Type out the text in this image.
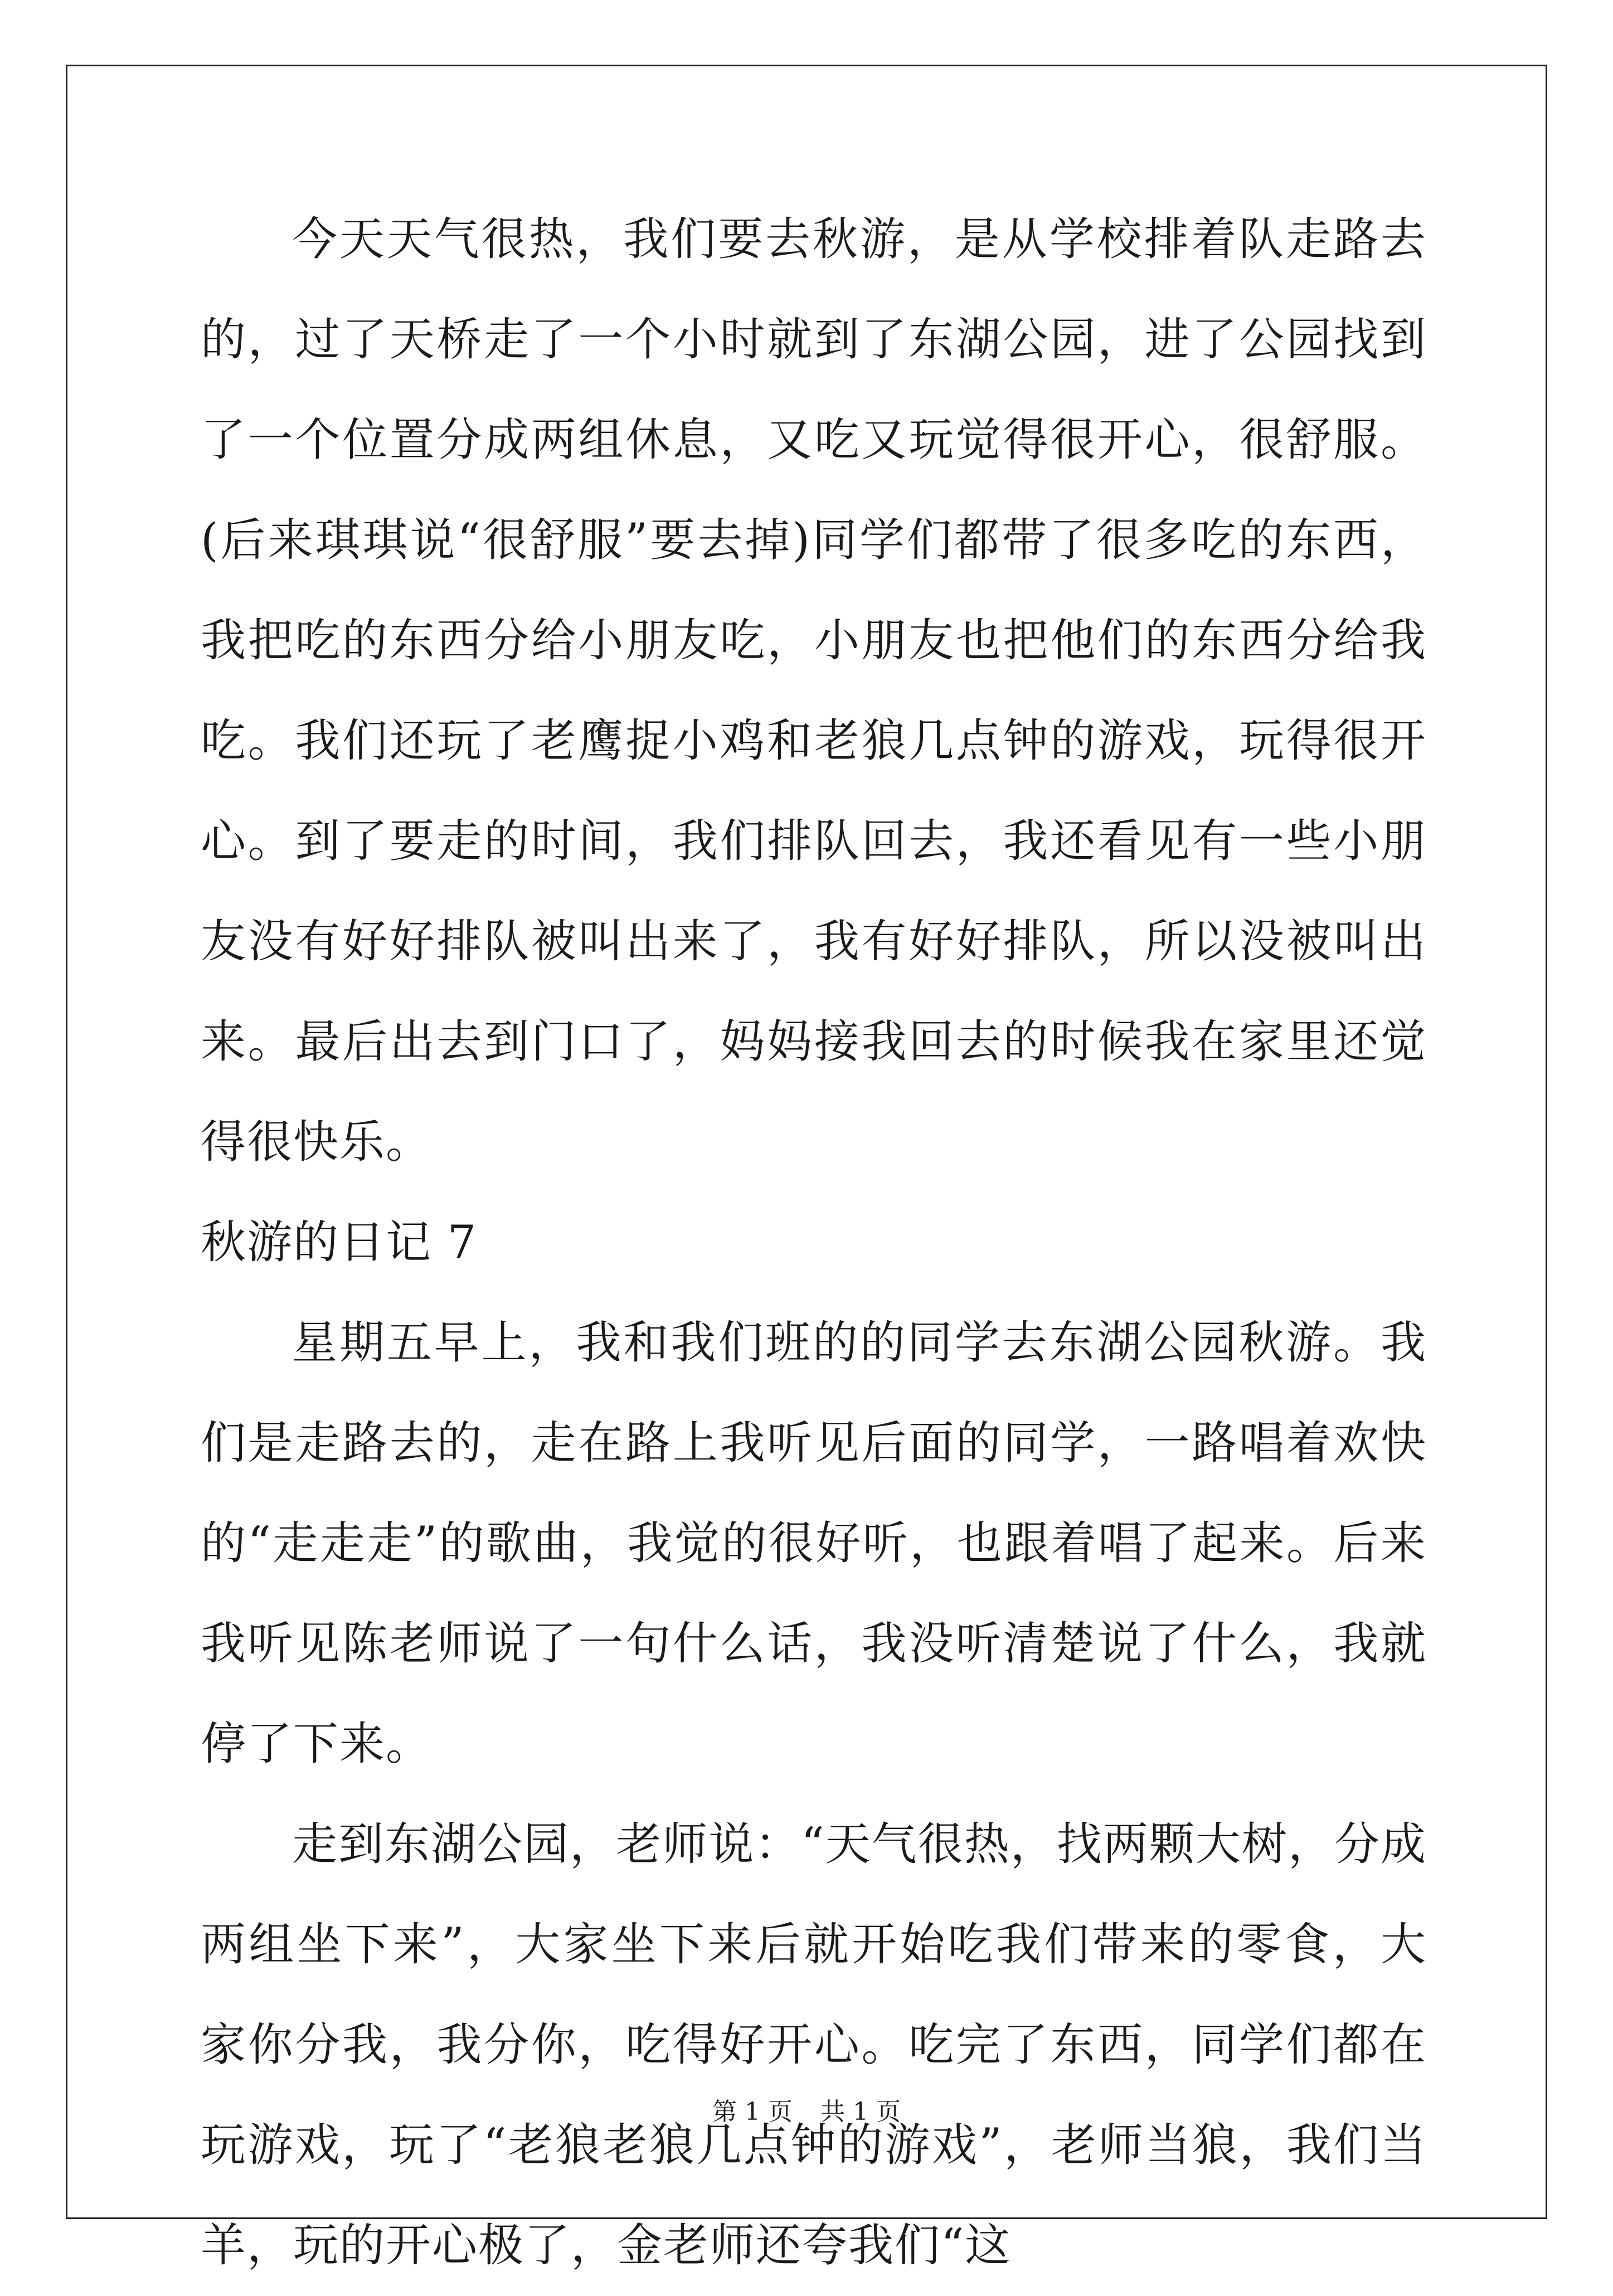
今天天气很热，我们要去秋游，是从学校排着队走路去的，过了天桥走了一个小时就到了东湖公园，进了公园找到了一个位置分成两组休息，又吃又玩觉得很开心，很舒服。(后来琪琪说“很舒服”要去掉)同学们都带了很多吃的东西，我把吃的东西分给小朋友吃，小朋友也把他们的东西分给我吃。我们还玩了老鹰捉小鸡和老狼几点钟的游戏，玩得很开心。到了要走的时间，我们排队回去，我还看见有一些小朋友没有好好排队被叫出来了，我有好好排队，所以没被叫出来。最后出去到门口了，妈妈接我回去的时候我在家里还觉得很快乐。

秋游的日记 7

星期五早上，我和我们班的的同学去东湖公园秋游。我们是走路去的，走在路上我听见后面的同学，一路唱着欢快的“走走走”的歌曲，我觉的很好听，也跟着唱了起来。后来我听见陈老师说了一句什么话，我没听清楚说了什么，我就停了下来。

走到东湖公园，老师说：“天气很热，找两颗大树，分成两组坐下来”，大家坐下来后就开始吃我们带来的零食，大家你分我，我分你，吃得好开心。吃完了东西，同学们都在玩游戏，玩了“老狼老狼几点钟的游戏”，老师当狼，我们当羊，玩的开心极了，金老师还夸我们“这

第 1 页 共 1 页
